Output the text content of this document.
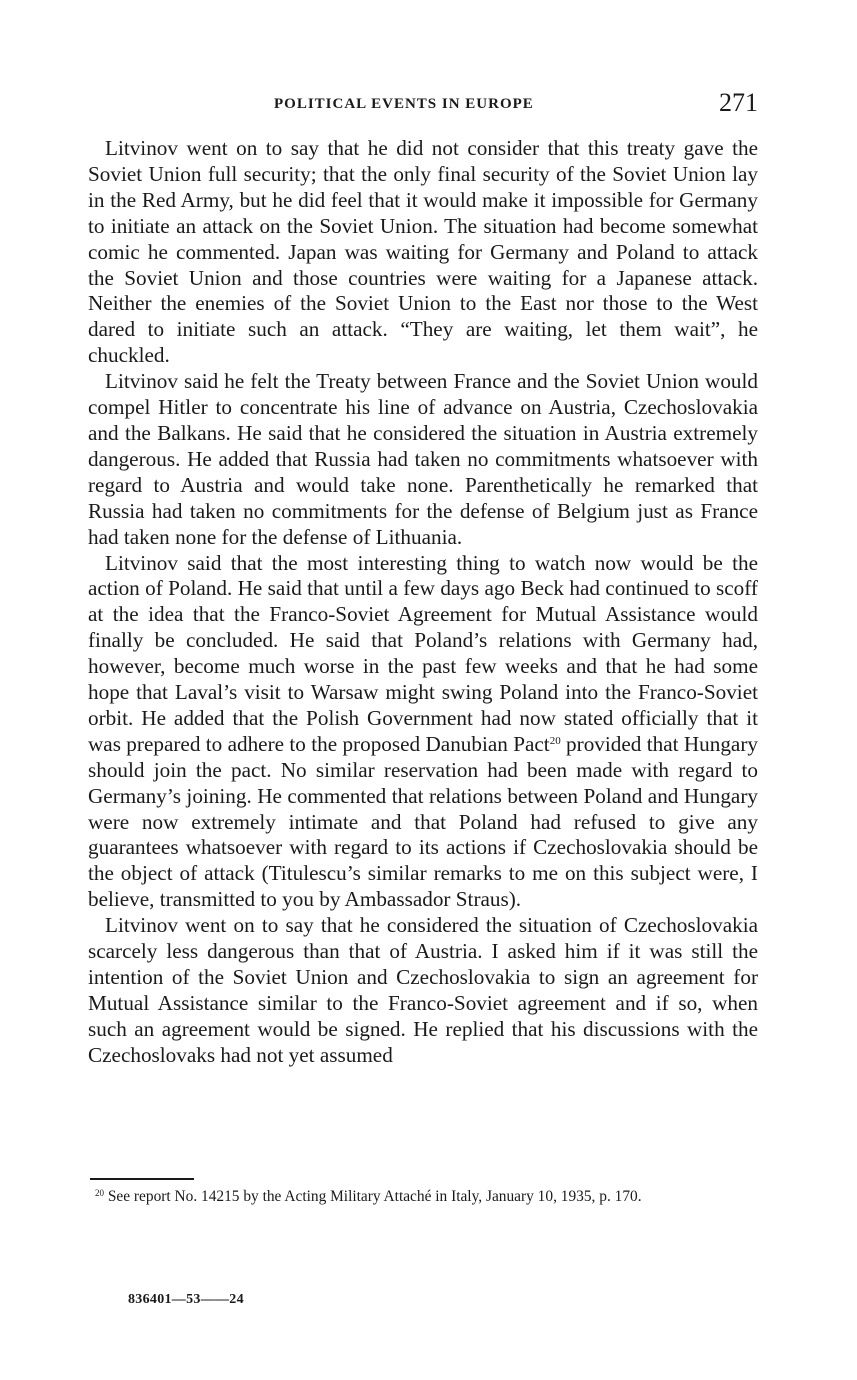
POLITICAL EVENTS IN EUROPE	271

Litvinov went on to say that he did not consider that this treaty gave the Soviet Union full security; that the only final security of the Soviet Union lay in the Red Army, but he did feel that it would make it impossible for Germany to initiate an attack on the Soviet Union. The situation had become somewhat comic he commented. Japan was waiting for Germany and Poland to attack the Soviet Union and those countries were waiting for a Japanese attack. Neither the enemies of the Soviet Union to the East nor those to the West dared to initiate such an attack. “They are waiting, let them wait”, he chuckled.

Litvinov said he felt the Treaty between France and the Soviet Union would compel Hitler to concentrate his line of advance on Austria, Czechoslovakia and the Balkans. He said that he considered the situation in Austria extremely dangerous. He added that Russia had taken no commitments whatsoever with regard to Austria and would take none. Parenthetically he remarked that Russia had taken no commitments for the defense of Belgium just as France had taken none for the defense of Lithuania.

Litvinov said that the most interesting thing to watch now would be the action of Poland. He said that until a few days ago Beck had continued to scoff at the idea that the Franco-Soviet Agreement for Mutual Assistance would finally be concluded. He said that Poland’s relations with Germany had, however, become much worse in the past few weeks and that he had some hope that Laval’s visit to Warsaw might swing Poland into the Franco-Soviet orbit. He added that the Polish Government had now stated officially that it was prepared to adhere to the proposed Danubian Pact$^{20}$ provided that Hungary should join the pact. No similar reservation had been made with regard to Germany’s joining. He commented that relations between Poland and Hungary were now extremely intimate and that Poland had refused to give any guarantees whatsoever with regard to its actions if Czechoslovakia should be the object of attack (Titulescu’s similar remarks to me on this subject were, I believe, transmitted to you by Ambassador Straus).

Litvinov went on to say that he considered the situation of Czechoslovakia scarcely less dangerous than that of Austria. I asked him if it was still the intention of the Soviet Union and Czechoslovakia to sign an agreement for Mutual Assistance similar to the Franco-Soviet agreement and if so, when such an agreement would be signed. He replied that his discussions with the Czechoslovaks had not yet assumed

$^{20}$ See report No. 14215 by the Acting Military Attaché in Italy, January 10, 1935, p. 170.

836401—53——24
